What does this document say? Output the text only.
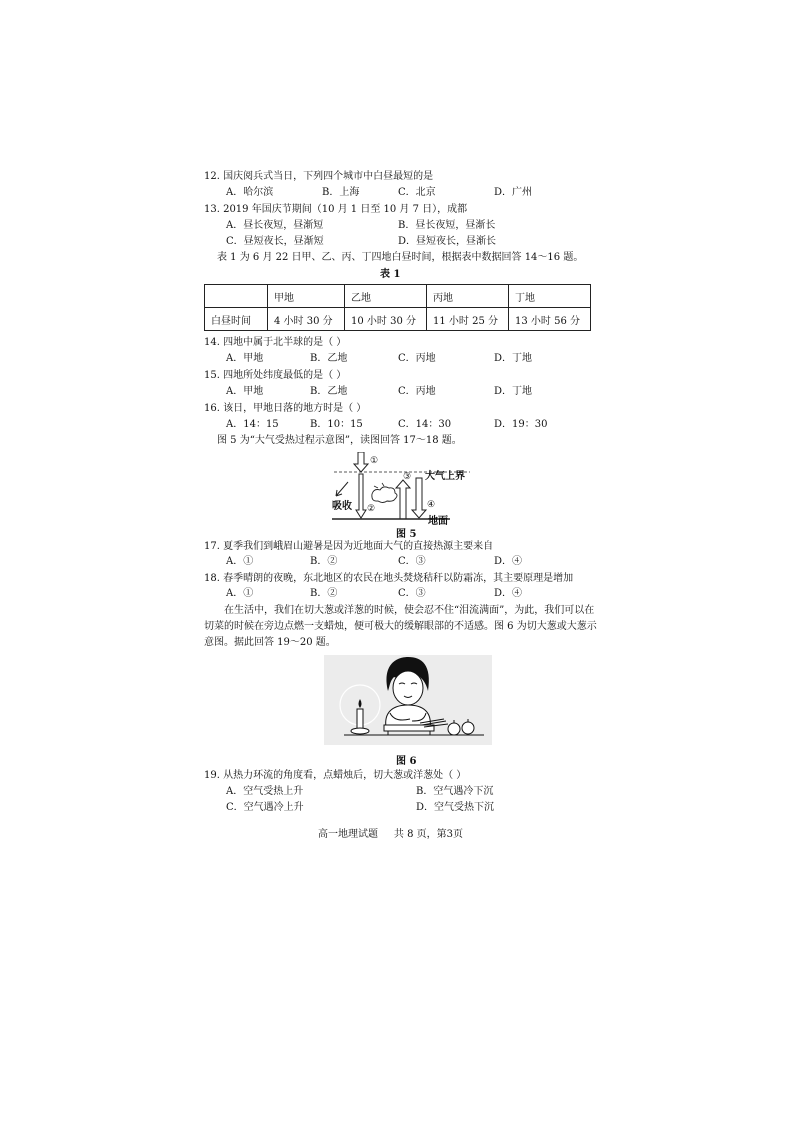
12. 国庆阅兵式当日，下列四个城市中白昼最短的是
A．哈尔滨	B．上海	C．北京	D．广州
13. 2019 年国庆节期间（10 月 1 日至 10 月 7 日），成都
A．昼长夜短，昼渐短	B．昼长夜短，昼渐长
C．昼短夜长，昼渐短	D．昼短夜长，昼渐长
表 1 为 6 月 22 日甲、乙、丙、丁四地白昼时间，根据表中数据回答 14～16 题。
表 1
	甲地	乙地	丙地	丁地
白昼时间	4 小时 30 分	10 小时 30 分	11 小时 25 分	13 小时 56 分
14. 四地中属于北半球的是（ ）
A．甲地	B．乙地	C．丙地	D．丁地
15. 四地所处纬度最低的是（ ）
A．甲地	B．乙地	C．丙地	D．丁地
16. 该日，甲地日落的地方时是（ ）
A．14：15	B．10：15	C．14：30	D．19：30
图 5 为“大气受热过程示意图”，读图回答 17～18 题。
①
②
③
④
大气上界
吸收
地面
图 5
17. 夏季我们到峨眉山避暑是因为近地面大气的直接热源主要来自
A．①	B．②	C．③	D．④
18. 春季晴朗的夜晚，东北地区的农民在地头焚烧秸秆以防霜冻，其主要原理是增加
A．①	B．②	C．③	D．④
在生活中，我们在切大葱或洋葱的时候，使会忍不住“泪流满面”，为此，我们可以在
切菜的时候在旁边点燃一支蜡烛，便可极大的缓解眼部的不适感。图 6 为切大葱或大葱示
意图。据此回答 19～20 题。
图 6
19. 从热力环流的角度看，点蜡烛后，切大葱或洋葱处（ ）
A．空气受热上升	B．空气遇冷下沉
C．空气遇冷上升	D．空气受热下沉
高一地理试题     共 8 页，第3页
